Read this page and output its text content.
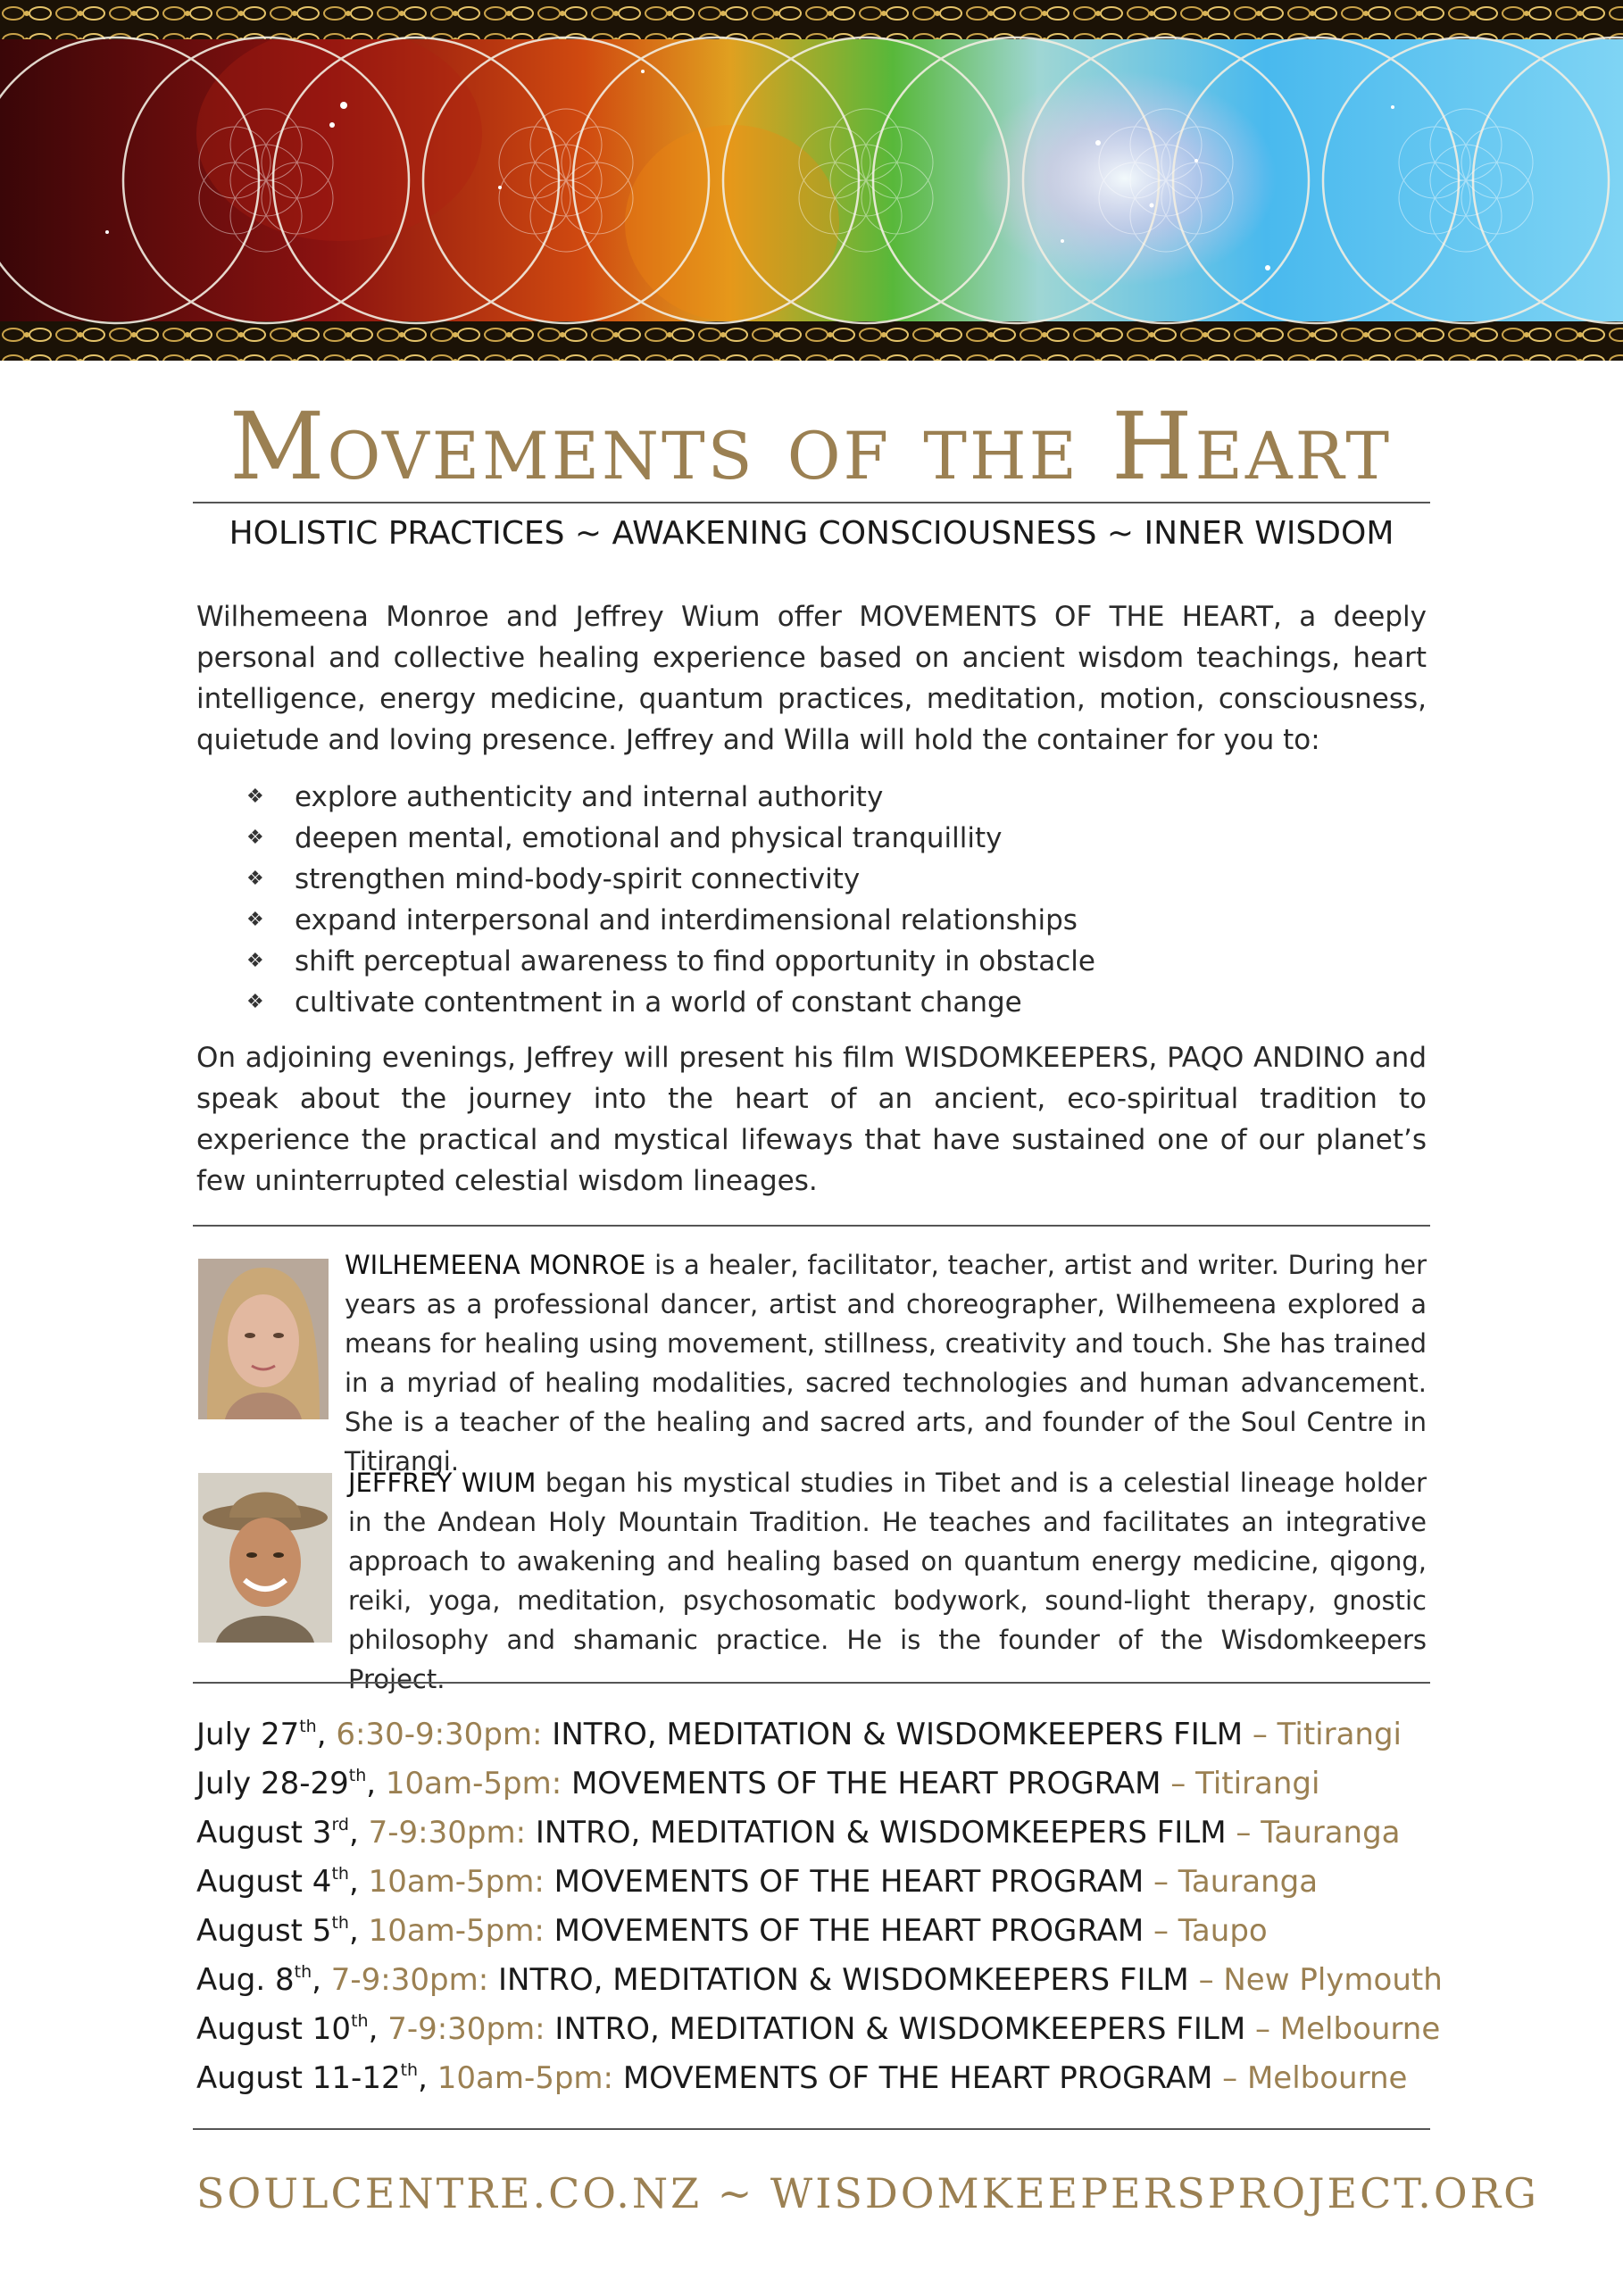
Movements of the Heart
HOLISTIC PRACTICES ~ AWAKENING CONSCIOUSNESS ~ INNER WISDOM
Wilhemeena Monroe and Jeffrey Wium offer MOVEMENTS OF THE HEART, a deeply personal and collective healing experience based on ancient wisdom teachings, heart intelligence, energy medicine, quantum practices, meditation, motion, consciousness, quietude and loving presence. Jeffrey and Willa will hold the container for you to:
❖ explore authenticity and internal authority
❖ deepen mental, emotional and physical tranquillity
❖ strengthen mind-body-spirit connectivity
❖ expand interpersonal and interdimensional relationships
❖ shift perceptual awareness to find opportunity in obstacle
❖ cultivate contentment in a world of constant change
On adjoining evenings, Jeffrey will present his film WISDOMKEEPERS, PAQO ANDINO and speak about the journey into the heart of an ancient, eco-spiritual tradition to experience the practical and mystical lifeways that have sustained one of our planet’s few uninterrupted celestial wisdom lineages.
WILHEMEENA MONROE is a healer, facilitator, teacher, artist and writer. During her years as a professional dancer, artist and choreographer, Wilhemeena explored a means for healing using movement, stillness, creativity and touch. She has trained in a myriad of healing modalities, sacred technologies and human advancement. She is a teacher of the healing and sacred arts, and founder of the Soul Centre in Titirangi.
JEFFREY WIUM began his mystical studies in Tibet and is a celestial lineage holder in the Andean Holy Mountain Tradition. He teaches and facilitates an integrative approach to awakening and healing based on quantum energy medicine, qigong, reiki, yoga, meditation, psychosomatic bodywork, sound-light therapy, gnostic philosophy and shamanic practice. He is the founder of the Wisdomkeepers Project.
July 27th, 6:30-9:30pm: INTRO, MEDITATION & WISDOMKEEPERS FILM – Titirangi
July 28-29th, 10am-5pm: MOVEMENTS OF THE HEART PROGRAM – Titirangi
August 3rd, 7-9:30pm: INTRO, MEDITATION & WISDOMKEEPERS FILM – Tauranga
August 4th, 10am-5pm: MOVEMENTS OF THE HEART PROGRAM – Tauranga
August 5th, 10am-5pm: MOVEMENTS OF THE HEART PROGRAM – Taupo
Aug. 8th, 7-9:30pm: INTRO, MEDITATION & WISDOMKEEPERS FILM – New Plymouth
August 10th, 7-9:30pm: INTRO, MEDITATION & WISDOMKEEPERS FILM – Melbourne
August 11-12th, 10am-5pm: MOVEMENTS OF THE HEART PROGRAM – Melbourne
SOULCENTRE.CO.NZ ~ WISDOMKEEPERSPROJECT.ORG
